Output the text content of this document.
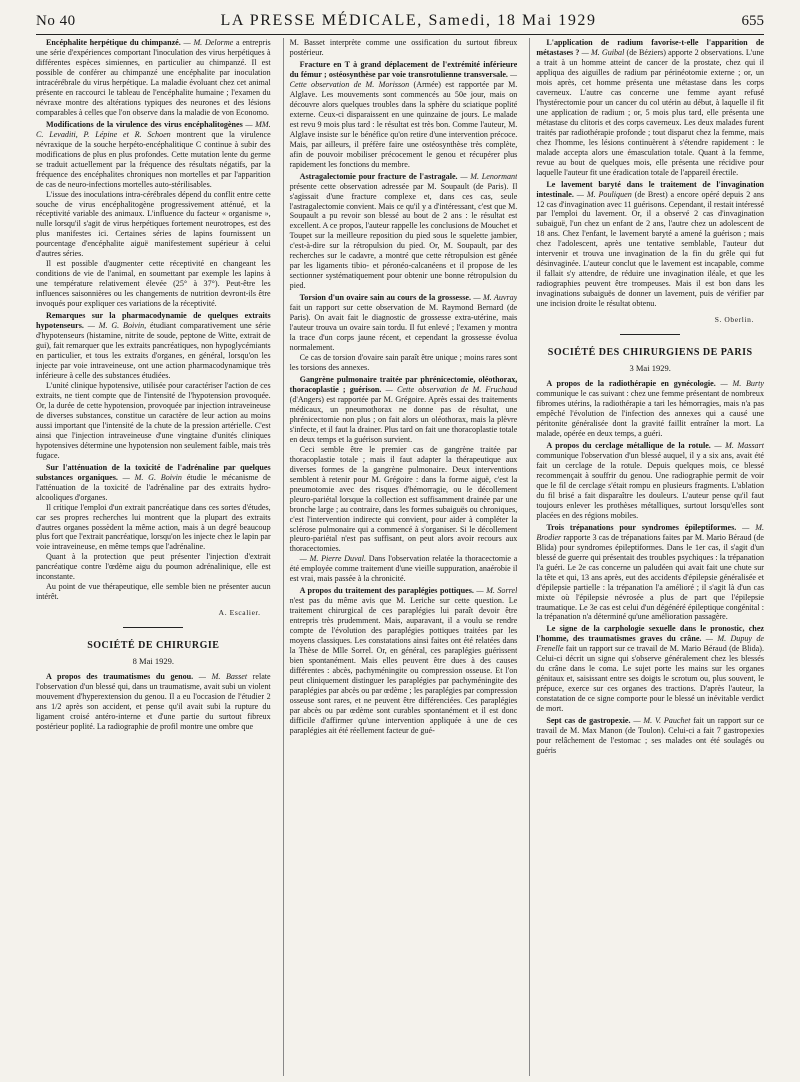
No 40	LA PRESSE MÉDICALE, Samedi, 18 Mai 1929	655

Encéphalite herpétique du chimpanzé. — M. Delorme a entrepris une série d'expériences comportant l'inoculation des virus herpétiques à différentes espèces simiennes, en particulier au chimpanzé. Il est possible de conférer au chimpanzé une encéphalite par inoculation intracérébrale du virus herpétique. La maladie évoluant chez cet animal présente en raccourci le tableau de l'encéphalite humaine ; l'examen du névraxe montre des altérations typiques des neurones et des lésions comparables à celles que l'on observe dans la maladie de von Economo.

Modifications de la virulence des virus encéphalitogènes — MM. C. Levaditi, P. Lépine et R. Schoen montrent que la virulence névraxique de la souche herpéto-encéphalitique C continue à subir des modifications de plus en plus profondes. Cette mutation lente du germe se traduit actuellement par la fréquence des résultats négatifs, par la fréquence des encéphalites chroniques non mortelles et par l'apparition de cas de neuro-infections mortelles auto-stérilisables.

L'issue des inoculations intra-cérébrales dépend du conflit entre cette souche de virus encéphalitogène progressivement atténué, et la réceptivité variable des animaux. L'influence du facteur « organisme », nulle lorsqu'il s'agit de virus herpétiques fortement neurotropes, est des plus manifestes ici. Certaines séries de lapins fournissent un pourcentage d'encéphalite aiguë manifestement supérieur à celui d'autres séries.

Il est possible d'augmenter cette réceptivité en changeant les conditions de vie de l'animal, en soumettant par exemple les lapins à une température relativement élevée (25° à 37°). Peut-être les influences saisonnières ou les changements de nutrition devront-ils être invoqués pour expliquer ces variations de la réceptivité.

Remarques sur la pharmacodynamie de quelques extraits hypotenseurs. — M. G. Boivin, étudiant comparativement une série d'hypotenseurs (histamine, nitrite de soude, peptone de Witte, extrait de gui), fait remarquer que les extraits pancréatiques, non hypoglycémiants en particulier, et tous les extraits d'organes, en général, lorsqu'on les injecte par voie intraveineuse, ont une action pharmacodynamique très inférieure à celle des substances étudiées.

L'unité clinique hypotensive, utilisée pour caractériser l'action de ces extraits, ne tient compte que de l'intensité de l'hypotension provoquée. Or, la durée de cette hypotension, provoquée par injection intraveineuse de diverses substances, constitue un caractère de leur action au moins aussi important que l'intensité de la chute de la pression artérielle. C'est ainsi que l'injection intraveineuse d'une vingtaine d'unités cliniques hypotensives détermine une hypotension non seulement faible, mais très fugace.

Sur l'atténuation de la toxicité de l'adrénaline par quelques substances organiques. — M. G. Boivin étudie le mécanisme de l'atténuation de la toxicité de l'adrénaline par des extraits hydro-alcooliques d'organes.

Il critique l'emploi d'un extrait pancréatique dans ces sortes d'études, car ses propres recherches lui montrent que la plupart des extraits d'autres organes possèdent la même action, mais à un degré beaucoup plus fort que l'extrait pancréatique, lorsqu'on les injecte chez le lapin par voie intraveineuse, en même temps que l'adrénaline.

Quant à la protection que peut présenter l'injection d'extrait pancréatique contre l'œdème aigu du poumon adrénalinique, elle est inconstante.

Au point de vue thérapeutique, elle semble bien ne présenter aucun intérêt.

A. Escalier.

SOCIÉTÉ DE CHIRURGIE

8 Mai 1929.

A propos des traumatismes du genou. — M. Basset relate l'observation d'un blessé qui, dans un traumatisme, avait subi un violent mouvement d'hyperextension du genou. Il a eu l'occasion de l'étudier 2 ans 1/2 après son accident, et pense qu'il avait subi la rupture du ligament croisé antéro-interne et d'une partie du surtout fibreux postérieur poplité. La radiographie de profil montre une ombre que

M. Basset interprète comme une ossification du surtout fibreux postérieur.

Fracture en T à grand déplacement de l'extrémité inférieure du fémur ; ostéosynthèse par voie transrotulienne transversale. — Cette observation de M. Morisson (Armée) est rapportée par M. Alglave. Les mouvements sont commencés au 50e jour, mais on découvre alors quelques troubles dans la sphère du sciatique poplité externe. Ceux-ci disparaissent en une quinzaine de jours. Le malade est revu 9 mois plus tard : le résultat est très bon. Comme l'auteur, M. Alglave insiste sur le bénéfice qu'on retire d'une intervention précoce. Mais, par ailleurs, il préfère faire une ostéosynthèse très complète, afin de pouvoir mobiliser précocement le genou et récupérer plus rapidement les fonctions du membre.

Astragalectomie pour fracture de l'astragale. — M. Lenormant présente cette observation adressée par M. Soupault (de Paris). Il s'agissait d'une fracture complexe et, dans ces cas, seule l'astragalectomie convient. Mais ce qu'il y a d'intéressant, c'est que M. Soupault a pu revoir son blessé au bout de 2 ans : le résultat est excellent. A ce propos, l'auteur rappelle les conclusions de Mouchet et Toupet sur la meilleure reposition du pied sous le squelette jambier, c'est-à-dire sur la rétropulsion du pied. Or, M. Soupault, par des recherches sur le cadavre, a montré que cette rétropulsion est gênée par les ligaments tibio- et péronéo-calcanéens et il propose de les sectionner systématiquement pour obtenir une bonne rétropulsion du pied.

Torsion d'un ovaire sain au cours de la grossesse. — M. Auvray fait un rapport sur cette observation de M. Raymond Bernard (de Paris). On avait fait le diagnostic de grossesse extra-utérine, mais l'auteur trouva un ovaire sain tordu. Il fut enlevé ; l'examen y montra la trace d'un corps jaune récent, et cependant la grossesse évolua normalement.

Ce cas de torsion d'ovaire sain paraît être unique ; moins rares sont les torsions des annexes.

Gangrène pulmonaire traitée par phrénicectomie, oléothorax, thoracoplastie ; guérison. — Cette observation de M. Fruchaud (d'Angers) est rapportée par M. Grégoire. Après essai des traitements médicaux, un pneumothorax ne donne pas de résultat, une phrénicectomie non plus ; on fait alors un oléothorax, mais la plèvre s'infecte, et il faut la drainer. Plus tard on fait une thoracoplastie totale en deux temps et la guérison survient.

Ceci semble être le premier cas de gangrène traitée par thoracoplastie totale ; mais il faut adapter la thérapeutique aux diverses formes de la gangrène pulmonaire. Deux interventions semblent à retenir pour M. Grégoire : dans la forme aiguë, c'est la pneumotomie avec des risques d'hémorragie, ou le décollement pleuro-pariétal lorsque la collection est suffisamment drainée par une bronche large ; au contraire, dans les formes subaiguës ou chroniques, c'est l'intervention indirecte qui convient, pour aider à compléter la sclérose pulmonaire qui a commencé à s'organiser. Si le décollement pleuro-pariétal n'est pas suffisant, on peut alors avoir recours aux thoracectomies.

— M. Pierre Duval. Dans l'observation relatée la thoracectomie a été employée comme traitement d'une vieille suppuration, anaérobie il est vrai, mais passée à la chronicité.

A propos du traitement des paraplégies pottiques. — M. Sorrel n'est pas du même avis que M. Leriche sur cette question. Le traitement chirurgical de ces paraplégies lui paraît devoir être entrepris très prudemment. Mais, auparavant, il a voulu se rendre compte de l'évolution des paraplégies pottiques traitées par les moyens classiques. Les constatations ainsi faites ont été relatées dans la Thèse de Mlle Sorrel. Or, en général, ces paraplégies guérissent bien spontanément. Mais elles peuvent être dues à des causes différentes : abcès, pachyméningite ou compression osseuse. Et l'on peut cliniquement distinguer les paraplégies par pachyméningite des paraplégies par abcès ou par œdème ; les paraplégies par compression osseuse sont rares, et ne peuvent être différenciées. Ces paraplégies par abcès ou par œdème sont curables spontanément et il est donc difficile d'affirmer qu'une intervention appliquée à une de ces paraplégies ait été réellement facteur de gué-

L'application de radium favorise-t-elle l'apparition de métastases ? — M. Guibal (de Béziers) apporte 2 observations. L'une a trait à un homme atteint de cancer de la prostate, chez qui il appliqua des aiguilles de radium par périnéotomie externe ; or, un mois après, cet homme présenta une métastase dans les corps caverneux. L'autre cas concerne une femme ayant refusé l'hystérectomie pour un cancer du col utérin au début, à laquelle il fit une application de radium ; or, 5 mois plus tard, elle présenta une métastase du clitoris et des corps caverneux. Les deux malades furent traités par radiothérapie profonde ; tout disparut chez la femme, mais chez l'homme, les lésions continuèrent à s'étendre rapidement : le malade accepta alors une émasculation totale. Quant à la femme, revue au bout de quelques mois, elle présenta une récidive pour laquelle l'auteur fit une éradication totale de l'appareil érectile.

Le lavement baryté dans le traitement de l'invagination intestinale. — M. Pouliquen (de Brest) a encore opéré depuis 2 ans 12 cas d'invagination avec 11 guérisons. Cependant, il restait intéressé par l'emploi du lavement. Or, il a observé 2 cas d'invagination subaiguë, l'un chez un enfant de 2 ans, l'autre chez un adolescent de 18 ans. Chez l'enfant, le lavement baryté a amené la guérison ; mais chez l'adolescent, après une tentative semblable, l'auteur dut intervenir et trouva une invagination de la fin du grêle qui fut désinvaginée. L'auteur conclut que le lavement est incapable, comme il fallait s'y attendre, de réduire une invagination iléale, et que les radiographies peuvent être trompeuses. Mais il est bon dans les invaginations subaiguës de donner un lavement, puis de vérifier par une incision droite le résultat obtenu.

S. Oberlin.

SOCIÉTÉ DES CHIRURGIENS DE PARIS

3 Mai 1929.

A propos de la radiothérapie en gynécologie. — M. Burty communique le cas suivant : chez une femme présentant de nombreux fibromes utérins, la radiothérapie a tari les hémorragies, mais n'a pas empêché l'évolution de l'infection des annexes qui a causé une péritonite généralisée dont la gravité faillit entraîner la mort. La malade, opérée en deux temps, a guéri.

A propos du cerclage métallique de la rotule. — M. Massart communique l'observation d'un blessé auquel, il y a six ans, avait été fait un cerclage de la rotule. Depuis quelques mois, ce blessé recommençait à souffrir du genou. Une radiographie permit de voir que le fil de cerclage s'était rompu en plusieurs fragments. L'ablation du fil brisé a fait disparaître les douleurs. L'auteur pense qu'il faut toujours enlever les prothèses métalliques, surtout lorsqu'elles sont placées en des régions mobiles.

Trois trépanations pour syndromes épileptiformes. — M. Brodier rapporte 3 cas de trépanations faites par M. Mario Béraud (de Blida) pour syndromes épileptiformes. Dans le 1er cas, il s'agit d'un blessé de guerre qui présentait des troubles psychiques : la trépanation l'a guéri. Le 2e cas concerne un paludéen qui avait fait une chute sur la tête et qui, 13 ans après, eut des accidents d'épilepsie généralisée et d'épilepsie partielle : la trépanation l'a amélioré ; il s'agit là d'un cas mixte où l'épilepsie névrosée a plus de part que l'épilepsie traumatique. Le 3e cas est celui d'un dégénéré épileptique congénital : la trépanation n'a déterminé qu'une amélioration passagère.

Le signe de la carphologie sexuelle dans le pronostic, chez l'homme, des traumatismes graves du crâne. — M. Dupuy de Frenelle fait un rapport sur ce travail de M. Mario Béraud (de Blida). Celui-ci décrit un signe qui s'observe généralement chez les blessés du crâne dans le coma. Le sujet porte les mains sur les organes génitaux et, saisissant entre ses doigts le scrotum ou, plus souvent, le prépuce, exerce sur ces organes des tractions. D'après l'auteur, la constatation de ce signe comporte pour le blessé un inévitable verdict de mort.

Sept cas de gastropexie. — M. V. Pauchet fait un rapport sur ce travail de M. Max Manon (de Toulon). Celui-ci a fait 7 gastropexies pour relâchement de l'estomac ; ses malades ont été soulagés ou guéris
